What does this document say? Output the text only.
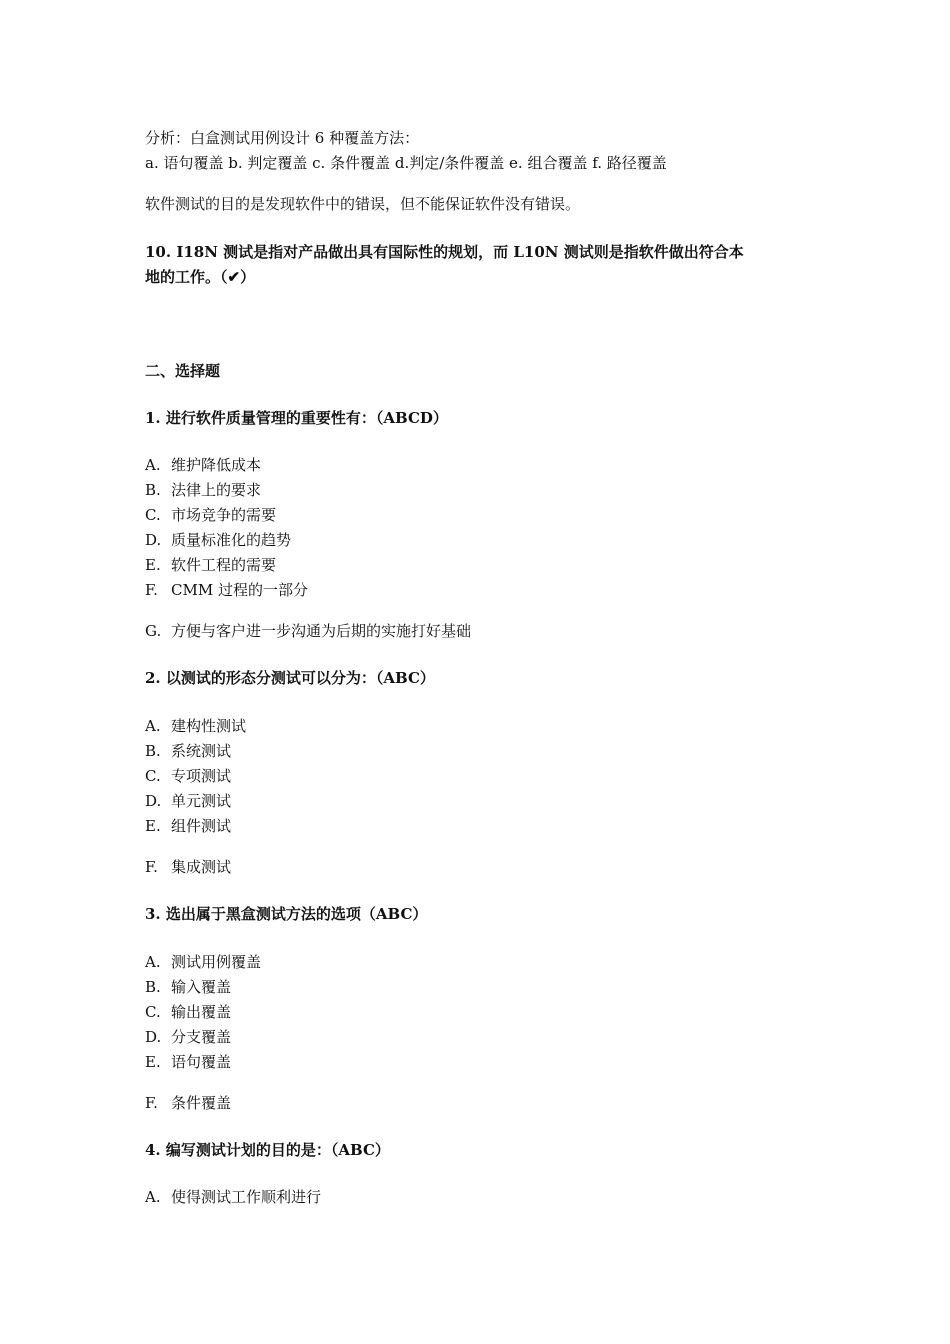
分析：白盒测试用例设计 6 种覆盖方法：
a. 语句覆盖 b. 判定覆盖 c. 条件覆盖 d.判定/条件覆盖 e. 组合覆盖 f. 路径覆盖
软件测试的目的是发现软件中的错误，但不能保证软件没有错误。
10. I18N 测试是指对产品做出具有国际性的规划，而 L10N 测试则是指软件做出符合本
地的工作。（✔）
二、选择题
1. 进行软件质量管理的重要性有：（ABCD）
A. 维护降低成本
B. 法律上的要求
C. 市场竞争的需要
D. 质量标准化的趋势
E. 软件工程的需要
F. CMM 过程的一部分
G. 方便与客户进一步沟通为后期的实施打好基础
2. 以测试的形态分测试可以分为：（ABC）
A. 建构性测试
B. 系统测试
C. 专项测试
D. 单元测试
E. 组件测试
F. 集成测试
3. 选出属于黑盒测试方法的选项（ABC）
A. 测试用例覆盖
B. 输入覆盖
C. 输出覆盖
D. 分支覆盖
E. 语句覆盖
F. 条件覆盖
4. 编写测试计划的目的是：（ABC）
A. 使得测试工作顺利进行
